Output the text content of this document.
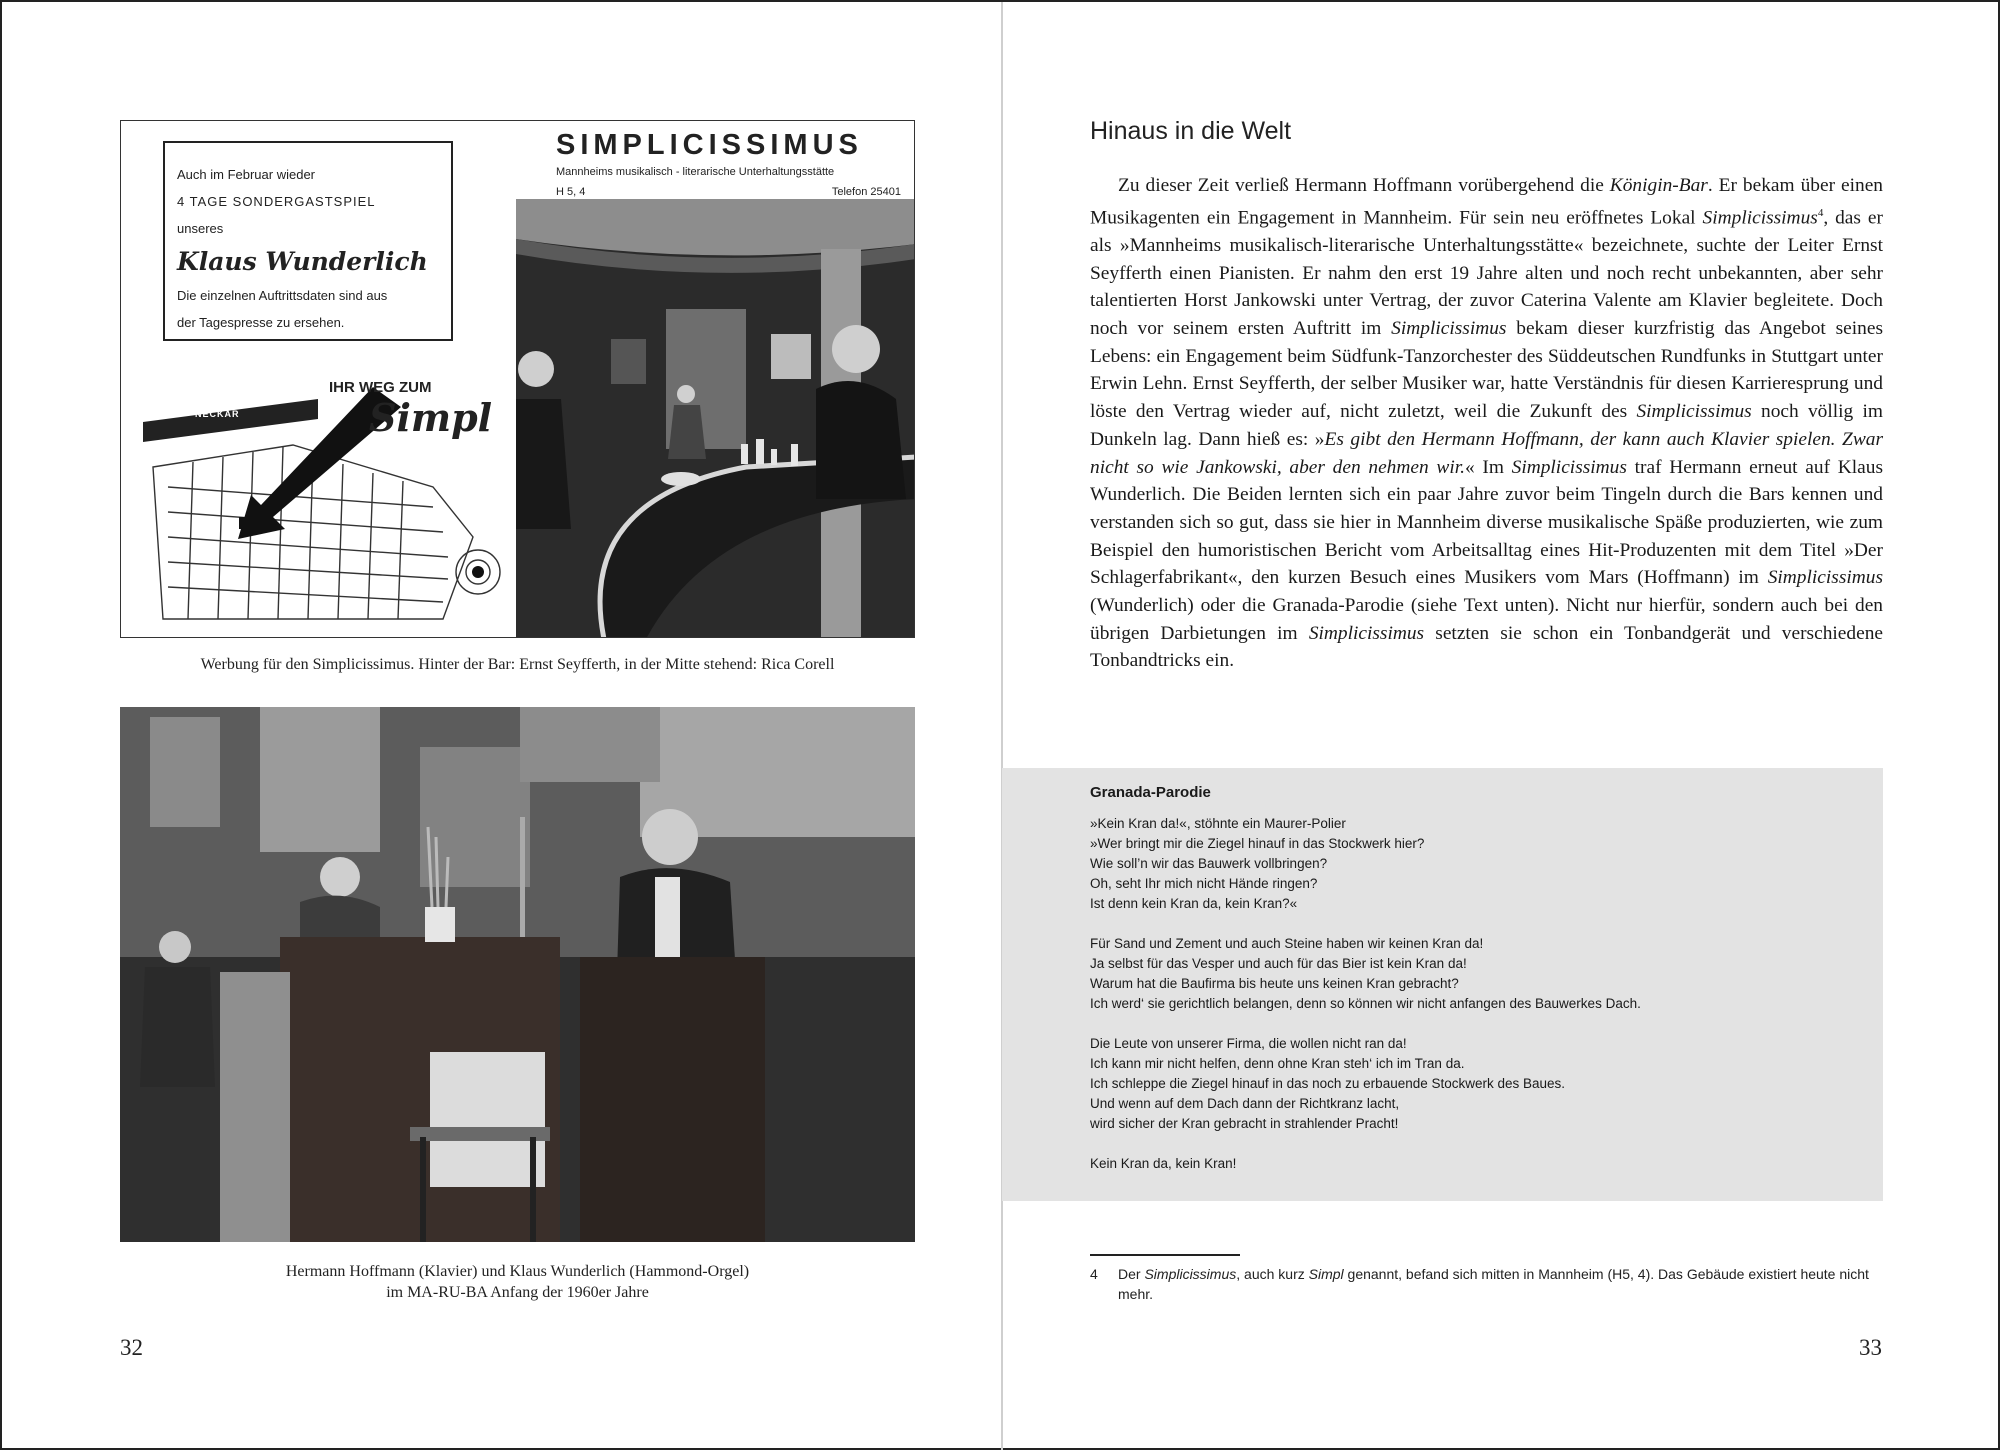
Auch im Februar wieder
4 TAGE SONDERGASTSPIEL
unseres
Klaus Wunderlich
Die einzelnen Auftrittsdaten sind aus
der Tagespresse zu ersehen.
SIMPLICISSIMUS
Mannheims musikalisch - literarische Unterhaltungsstätte
H 5, 4	Telefon 25401
IHR WEG ZUM
Simpl
NECKAR
Werbung für den Simplicissimus. Hinter der Bar: Ernst Seyfferth, in der Mitte stehend: Rica Corell
Hermann Hoffmann (Klavier) und Klaus Wunderlich (Hammond-Orgel)
im MA-RU-BA Anfang der 1960er Jahre
32
Hinaus in die Welt

Zu dieser Zeit verließ Hermann Hoffmann vorübergehend die Königin-Bar. Er bekam über einen Musikagenten ein Engagement in Mannheim. Für sein neu eröffnetes Lokal Simplicissimus$^4$, das er als »Mannheims musikalisch-literarische Unterhaltungsstätte« bezeichnete, suchte der Leiter Ernst Seyfferth einen Pianisten. Er nahm den erst 19 Jahre alten und noch recht unbekannten, aber sehr talentierten Horst Jankowski unter Vertrag, der zuvor Caterina Valente am Klavier begleitete. Doch noch vor seinem ersten Auftritt im Simplicissimus bekam dieser kurzfristig das Angebot seines Lebens: ein Engagement beim Südfunk-Tanzorchester des Süddeutschen Rundfunks in Stuttgart unter Erwin Lehn. Ernst Seyfferth, der selber Musiker war, hatte Verständnis für diesen Karrieresprung und löste den Vertrag wieder auf, nicht zuletzt, weil die Zukunft des Simplicissimus noch völlig im Dunkeln lag. Dann hieß es: »Es gibt den Hermann Hoffmann, der kann auch Klavier spielen. Zwar nicht so wie Jankowski, aber den nehmen wir.« Im Simplicissimus traf Hermann erneut auf Klaus Wunderlich. Die Beiden lernten sich ein paar Jahre zuvor beim Tingeln durch die Bars kennen und verstanden sich so gut, dass sie hier in Mannheim diverse musikalische Späße produzierten, wie zum Beispiel den humoristischen Bericht vom Arbeitsalltag eines Hit-Produzenten mit dem Titel »Der Schlagerfabrikant«, den kurzen Besuch eines Musikers vom Mars (Hoffmann) im Simplicissimus (Wunderlich) oder die Granada-Parodie (siehe Text unten). Nicht nur hierfür, sondern auch bei den übrigen Darbietungen im Simplicissimus setzten sie schon ein Tonbandgerät und verschiedene Tonbandtricks ein.

Granada-Parodie
»Kein Kran da!«, stöhnte ein Maurer-Polier
»Wer bringt mir die Ziegel hinauf in das Stockwerk hier?
Wie soll’n wir das Bauwerk vollbringen?
Oh, seht Ihr mich nicht Hände ringen?
Ist denn kein Kran da, kein Kran?«
Für Sand und Zement und auch Steine haben wir keinen Kran da!
Ja selbst für das Vesper und auch für das Bier ist kein Kran da!
Warum hat die Baufirma bis heute uns keinen Kran gebracht?
Ich werd‘ sie gerichtlich belangen, denn so können wir nicht anfangen des Bauwerkes Dach.
Die Leute von unserer Firma, die wollen nicht ran da!
Ich kann mir nicht helfen, denn ohne Kran steh‘ ich im Tran da.
Ich schleppe die Ziegel hinauf in das noch zu erbauende Stockwerk des Baues.
Und wenn auf dem Dach dann der Richtkranz lacht,
wird sicher der Kran gebracht in strahlender Pracht!
Kein Kran da, kein Kran!
4	Der Simplicissimus, auch kurz Simpl genannt, befand sich mitten in Mannheim (H5, 4). Das Gebäude existiert heute nicht mehr.
33
